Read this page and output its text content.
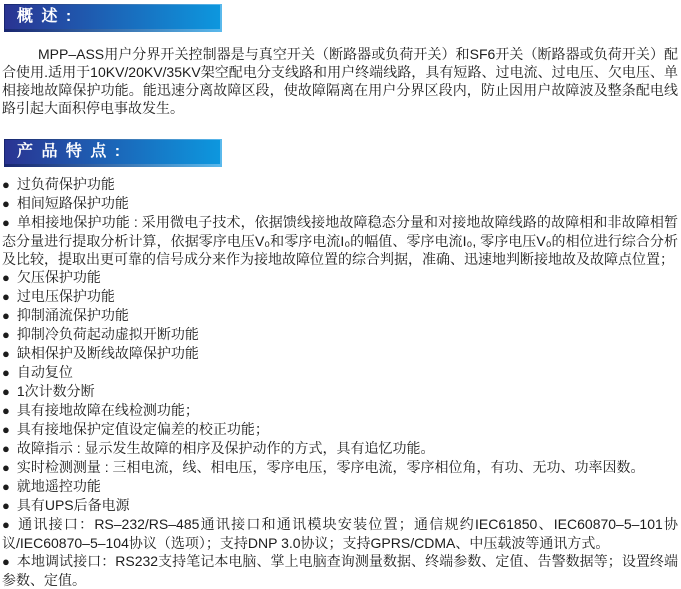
概 述 :

MPP–ASS用户分界开关控制器是与真空开关（断路器或负荷开关）和SF6开关（断路器或负荷开关）配合使用.适用于10KV/20KV/35KV架空配电分支线路和用户终端线路，具有短路、过电流、过电压、欠电压、单相接地故障保护功能。能迅速分离故障区段，使故障隔离在用户分界区段内，防止因用户故障波及整条配电线路引起大面积停电事故发生。

产 品 特 点 :

● 过负荷保护功能

● 相间短路保护功能

● 单相接地保护功能 : 采用微电子技术，依据馈线接地故障稳态分量和对接地故障线路的故障相和非故障相暂态分量进行提取分析计算，依据零序电压V₀和零序电流I₀的幅值、零序电流I₀, 零序电压V₀的相位进行综合分析及比较，提取出更可靠的信号成分来作为接地故障位置的综合判据，准确、迅速地判断接地故及故障点位置；

● 欠压保护功能

● 过电压保护功能

● 抑制涌流保护功能

● 抑制冷负荷起动虚拟开断功能

● 缺相保护及断线故障保护功能

● 自动复位

● 1次计数分断

● 具有接地故障在线检测功能；

● 具有接地保护定值设定偏差的校正功能；

● 故障指示 : 显示发生故障的相序及保护动作的方式，具有追忆功能。

● 实时检测测量 : 三相电流，线、相电压，零序电压，零序电流，零序相位角，有功、无功、功率因数。

● 就地遥控功能

● 具有UPS后备电源

● 通讯接口：RS–232/RS–485通讯接口和通讯模块安装位置；通信规约IEC61850、IEC60870–5–101协议/IEC60870–5–104协议（选项）；支持DNP 3.0协议；支持GPRS/CDMA、中压载波等通讯方式。

● 本地调试接口：RS232支持笔记本电脑、掌上电脑查询测量数据、终端参数、定值、告警数据等；设置终端参数、定值。
